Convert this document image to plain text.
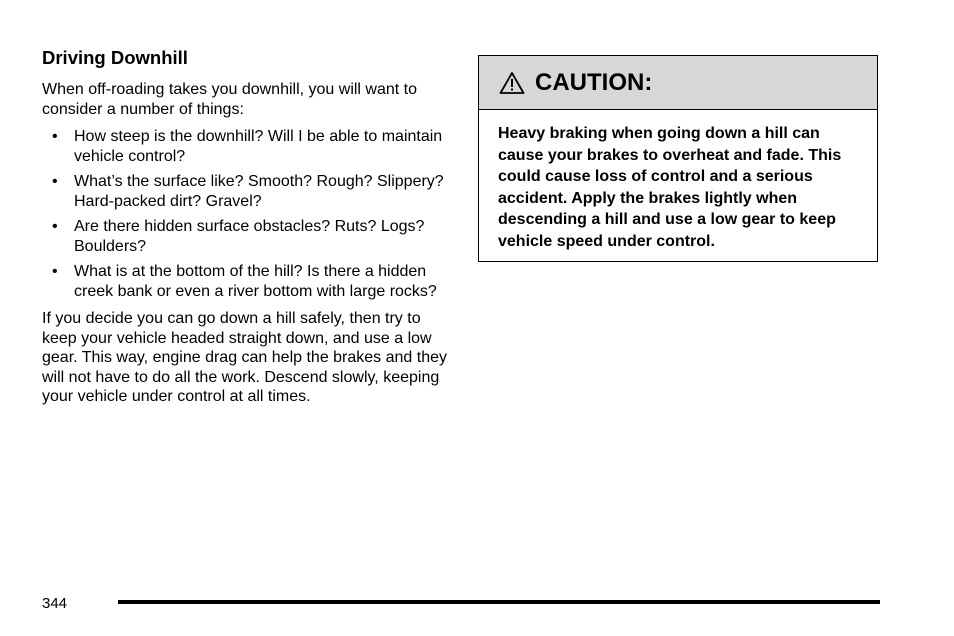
Driving Downhill

When off-roading takes you downhill, you will want to consider a number of things:

• How steep is the downhill? Will I be able to maintain vehicle control?
• What’s the surface like? Smooth? Rough? Slippery? Hard-packed dirt? Gravel?
• Are there hidden surface obstacles? Ruts? Logs? Boulders?
• What is at the bottom of the hill? Is there a hidden creek bank or even a river bottom with large rocks?

If you decide you can go down a hill safely, then try to keep your vehicle headed straight down, and use a low gear. This way, engine drag can help the brakes and they will not have to do all the work. Descend slowly, keeping your vehicle under control at all times.

CAUTION:
Heavy braking when going down a hill can cause your brakes to overheat and fade. This could cause loss of control and a serious accident. Apply the brakes lightly when descending a hill and use a low gear to keep vehicle speed under control.
344
